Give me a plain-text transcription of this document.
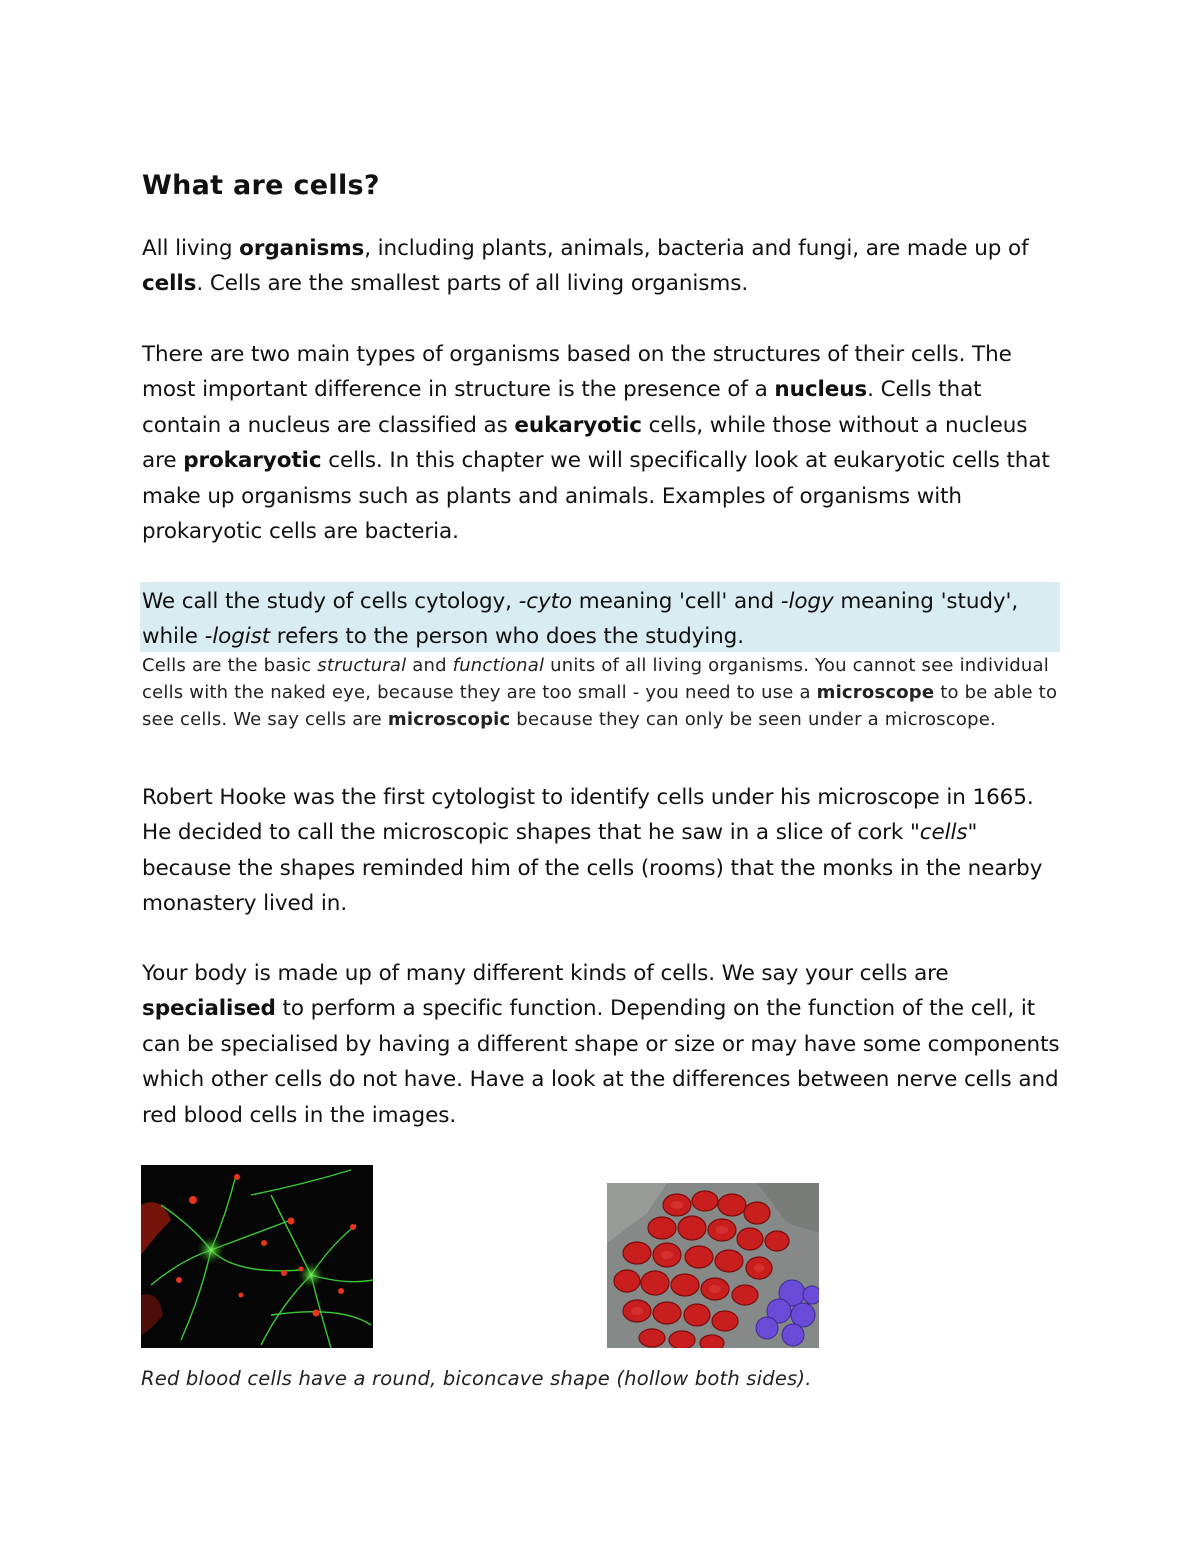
What are cells?

All living organisms, including plants, animals, bacteria and fungi, are made up of cells. Cells are the smallest parts of all living organisms.

There are two main types of organisms based on the structures of their cells. The most important difference in structure is the presence of a nucleus. Cells that contain a nucleus are classified as eukaryotic cells, while those without a nucleus are prokaryotic cells. In this chapter we will specifically look at eukaryotic cells that make up organisms such as plants and animals. Examples of organisms with prokaryotic cells are bacteria.

We call the study of cells cytology, -cyto meaning 'cell' and -logy meaning 'study', while -logist refers to the person who does the studying.

Cells are the basic structural and functional units of all living organisms. You cannot see individual cells with the naked eye, because they are too small - you need to use a microscope to be able to see cells. We say cells are microscopic because they can only be seen under a microscope.

Robert Hooke was the first cytologist to identify cells under his microscope in 1665. He decided to call the microscopic shapes that he saw in a slice of cork "cells" because the shapes reminded him of the cells (rooms) that the monks in the nearby monastery lived in.

Your body is made up of many different kinds of cells. We say your cells are specialised to perform a specific function. Depending on the function of the cell, it can be specialised by having a different shape or size or may have some components which other cells do not have. Have a look at the differences between nerve cells and red blood cells in the images.

Red blood cells have a round, biconcave shape (hollow both sides).
